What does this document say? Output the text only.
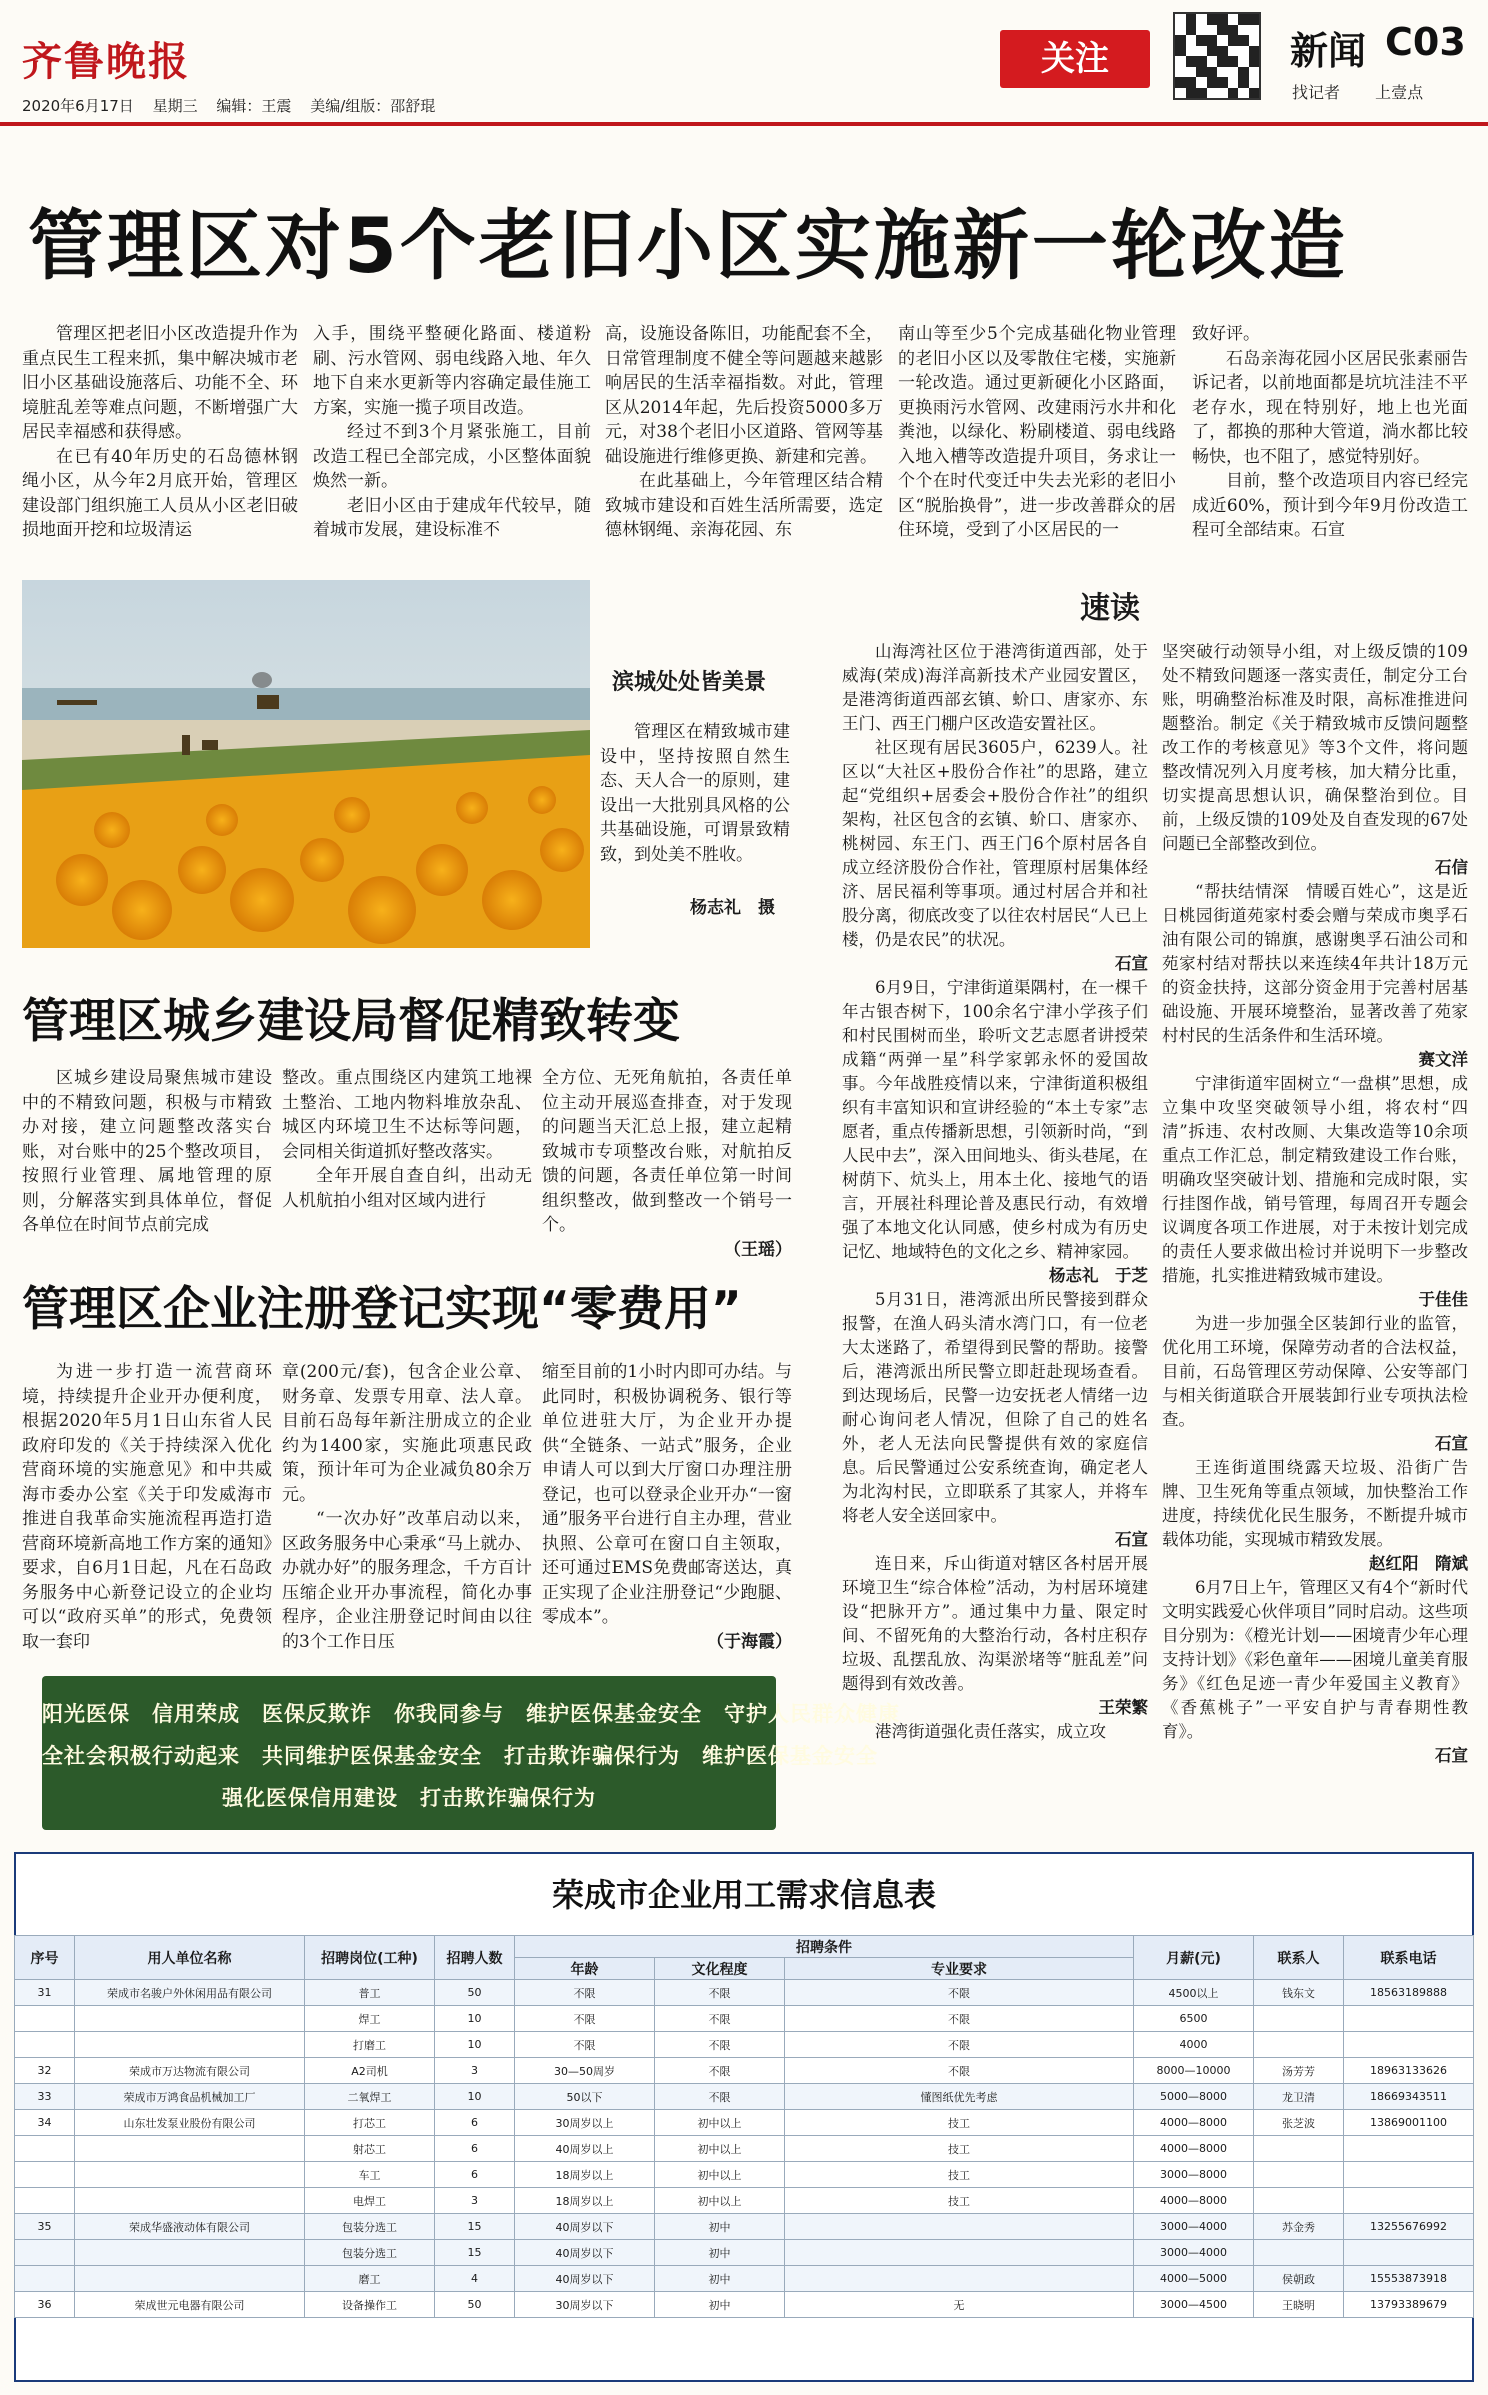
齐鲁晚报
2020年6月17日 星期三 编辑：王震 美编/组版：邵舒琨
关注	新闻 C03
找记者 上壹点
管理区对5个老旧小区实施新一轮改造

管理区把老旧小区改造提升作为重点民生工程来抓，集中解决城市老旧小区基础设施落后、功能不全、环境脏乱差等难点问题，不断增强广大居民幸福感和获得感。

在已有40年历史的石岛德林钢绳小区，从今年2月底开始，管理区建设部门组织施工人员从小区老旧破损地面开挖和垃圾清运

入手，围绕平整硬化路面、楼道粉刷、污水管网、弱电线路入地、年久地下自来水更新等内容确定最佳施工方案，实施一揽子项目改造。

经过不到3个月紧张施工，目前改造工程已全部完成，小区整体面貌焕然一新。

老旧小区由于建成年代较早，随着城市发展，建设标准不

高，设施设备陈旧，功能配套不全，日常管理制度不健全等问题越来越影响居民的生活幸福指数。对此，管理区从2014年起，先后投资5000多万元，对38个老旧小区道路、管网等基础设施进行维修更换、新建和完善。

在此基础上，今年管理区结合精致城市建设和百姓生活所需要，选定德林钢绳、亲海花园、东

南山等至少5个完成基础化物业管理的老旧小区以及零散住宅楼，实施新一轮改造。通过更新硬化小区路面，更换雨污水管网、改建雨污水井和化粪池，以绿化、粉刷楼道、弱电线路入地入槽等改造提升项目，务求让一个个在时代变迁中失去光彩的老旧小区“脱胎换骨”，进一步改善群众的居住环境，受到了小区居民的一

致好评。

石岛亲海花园小区居民张素丽告诉记者，以前地面都是坑坑洼洼不平老存水，现在特别好，地上也光面了，都换的那种大管道，淌水都比较畅快，也不阻了，感觉特别好。

目前，整个改造项目内容已经完成近60%，预计到今年9月份改造工程可全部结束。石宣

滨城处处皆美景
管理区在精致城市建设中，坚持按照自然生态、天人合一的原则，建设出一大批别具风格的公共基础设施，可谓景致精致，到处美不胜收。
杨志礼　摄
管理区城乡建设局督促精致转变

区城乡建设局聚焦城市建设中的不精致问题，积极与市精致办对接，建立问题整改落实台账，对台账中的25个整改项目，按照行业管理、属地管理的原则，分解落实到具体单位，督促各单位在时间节点前完成

整改。重点围绕区内建筑工地裸土整治、工地内物料堆放杂乱、城区内环境卫生不达标等问题，会同相关街道抓好整改落实。

全年开展自查自纠，出动无人机航拍小组对区域内进行

全方位、无死角航拍，各责任单位主动开展巡查排查，对于发现的问题当天汇总上报，建立起精致城市专项整改台账，对航拍反馈的问题，各责任单位第一时间组织整改，做到整改一个销号一个。

（王瑶）

管理区企业注册登记实现“零费用”

为进一步打造一流营商环境，持续提升企业开办便利度，根据2020年5月1日山东省人民政府印发的《关于持续深入优化营商环境的实施意见》和中共威海市委办公室《关于印发威海市推进自我革命实施流程再造打造营商环境新高地工作方案的通知》要求，自6月1日起，凡在石岛政务服务中心新登记设立的企业均可以“政府买单”的形式，免费领取一套印

章(200元/套)，包含企业公章、财务章、发票专用章、法人章。目前石岛每年新注册成立的企业约为1400家，实施此项惠民政策，预计年可为企业减负80余万元。

“一次办好”改革启动以来，区政务服务中心秉承“马上就办、办就办好”的服务理念，千方百计压缩企业开办事流程，简化办事程序，企业注册登记时间由以往的3个工作日压

缩至目前的1小时内即可办结。与此同时，积极协调税务、银行等单位进驻大厅，为企业开办提供“全链条、一站式”服务，企业申请人可以到大厅窗口办理注册登记，也可以登录企业开办“一窗通”服务平台进行自主办理，营业执照、公章可在窗口自主领取，还可通过EMS免费邮寄送达，真正实现了企业注册登记“少跑腿、零成本”。

（于海霞）

阳光医保　信用荣成　医保反欺诈　你我同参与　维护医保基金安全　守护人民群众健康
全社会积极行动起来　共同维护医保基金安全　打击欺诈骗保行为　维护医保基金安全
强化医保信用建设　打击欺诈骗保行为
速读

山海湾社区位于港湾街道西部，处于威海(荣成)海洋高新技术产业园安置区，是港湾街道西部玄镇、蚧口、唐家亦、东王门、西王门棚户区改造安置社区。

社区现有居民3605户，6239人。社区以“大社区+股份合作社”的思路，建立起“党组织+居委会+股份合作社”的组织架构，社区包含的玄镇、蚧口、唐家亦、桃树园、东王门、西王门6个原村居各自成立经济股份合作社，管理原村居集体经济、居民福利等事项。通过村居合并和社股分离，彻底改变了以往农村居民“人已上楼，仍是农民”的状况。

石宣

6月9日，宁津街道渠隅村，在一棵千年古银杏树下，100余名宁津小学孩子们和村民围树而坐，聆听文艺志愿者讲授荣成籍“两弹一星”科学家郭永怀的爱国故事。今年战胜疫情以来，宁津街道积极组织有丰富知识和宣讲经验的“本土专家”志愿者，重点传播新思想，引领新时尚，“到人民中去”，深入田间地头、街头巷尾，在树荫下、炕头上，用本土化、接地气的语言，开展社科理论普及惠民行动，有效增强了本地文化认同感，使乡村成为有历史记忆、地域特色的文化之乡、精神家园。

杨志礼　于芝

5月31日，港湾派出所民警接到群众报警，在渔人码头清水湾门口，有一位老大太迷路了，希望得到民警的帮助。接警后，港湾派出所民警立即赶赴现场查看。到达现场后，民警一边安抚老人情绪一边耐心询问老人情况，但除了自己的姓名外，老人无法向民警提供有效的家庭信息。后民警通过公安系统查询，确定老人为北沟村民，立即联系了其家人，并将车将老人安全送回家中。

石宣

连日来，斥山街道对辖区各村居开展环境卫生“综合体检”活动，为村居环境建设“把脉开方”。通过集中力量、限定时间、不留死角的大整治行动，各村庄积存垃圾、乱摆乱放、沟渠淤堵等“脏乱差”问题得到有效改善。

王荣繁

港湾街道强化责任落实，成立攻

坚突破行动领导小组，对上级反馈的109处不精致问题逐一落实责任，制定分工台账，明确整治标准及时限，高标准推进问题整治。制定《关于精致城市反馈问题整改工作的考核意见》等3个文件，将问题整改情况列入月度考核，加大精分比重，切实提高思想认识，确保整治到位。目前，上级反馈的109处及自查发现的67处问题已全部整改到位。

石信

“帮扶结情深　情暖百姓心”，这是近日桃园街道苑家村委会赠与荣成市奥孚石油有限公司的锦旗，感谢奥孚石油公司和苑家村结对帮扶以来连续4年共计18万元的资金扶持，这部分资金用于完善村居基础设施、开展环境整治，显著改善了苑家村村民的生活条件和生活环境。

赛文洋

宁津街道牢固树立“一盘棋”思想，成立集中攻坚突破领导小组，将农村“四清”拆违、农村改厕、大集改造等10余项重点工作汇总，制定精致建设工作台账，明确攻坚突破计划、措施和完成时限，实行挂图作战，销号管理，每周召开专题会议调度各项工作进展，对于未按计划完成的责任人要求做出检讨并说明下一步整改措施，扎实推进精致城市建设。

于佳佳

为进一步加强全区装卸行业的监管，优化用工环境，保障劳动者的合法权益，目前，石岛管理区劳动保障、公安等部门与相关街道联合开展装卸行业专项执法检查。

石宣

王连街道围绕露天垃圾、沿街广告牌、卫生死角等重点领域，加快整治工作进度，持续优化民生服务，不断提升城市载体功能，实现城市精致发展。

赵红阳　隋斌

6月7日上午，管理区又有4个“新时代文明实践爱心伙伴项目”同时启动。这些项目分别为：《橙光计划——困境青少年心理支持计划》《彩色童年——困境儿童美育服务》《红色足迹一青少年爱国主义教育》《香蕉桃子”一平安自护与青春期性教育》。

石宣

荣成市企业用工需求信息表
序号	用人单位名称	招聘岗位(工种)	招聘人数	招聘条件			月薪(元)	联系人	联系电话
				年龄	文化程度	专业要求			
31	荣成市名骏户外休闲用品有限公司	普工	50	不限	不限	不限	4500以上	钱东文	18563189888
		焊工	10	不限	不限	不限	6500		
		打磨工	10	不限	不限	不限	4000		
32	荣成市万达物流有限公司	A2司机	3	30—50周岁	不限	不限	8000—10000	汤芳芳	18963133626
33	荣成市万鸿食品机械加工厂	二氧焊工	10	50以下	不限	懂图纸优先考虑	5000—8000	龙卫清	18669343511
34	山东壮发泵业股份有限公司	打芯工	6	30周岁以上	初中以上	技工	4000—8000	张芝波	13869001100
		射芯工	6	40周岁以上	初中以上	技工	4000—8000		
		车工	6	18周岁以上	初中以上	技工	3000—8000		
		电焊工	3	18周岁以上	初中以上	技工	4000—8000		
35	荣成华盛液动体有限公司	包装分选工	15	40周岁以下	初中		3000—4000	苏金秀	13255676992
		包装分选工	15	40周岁以下	初中		3000—4000		
		磨工	4	40周岁以下	初中		4000—5000	侯朝政	15553873918
36	荣成世元电器有限公司	设备操作工	50	30周岁以下	初中	无	3000—4500	王晓明	13793389679
